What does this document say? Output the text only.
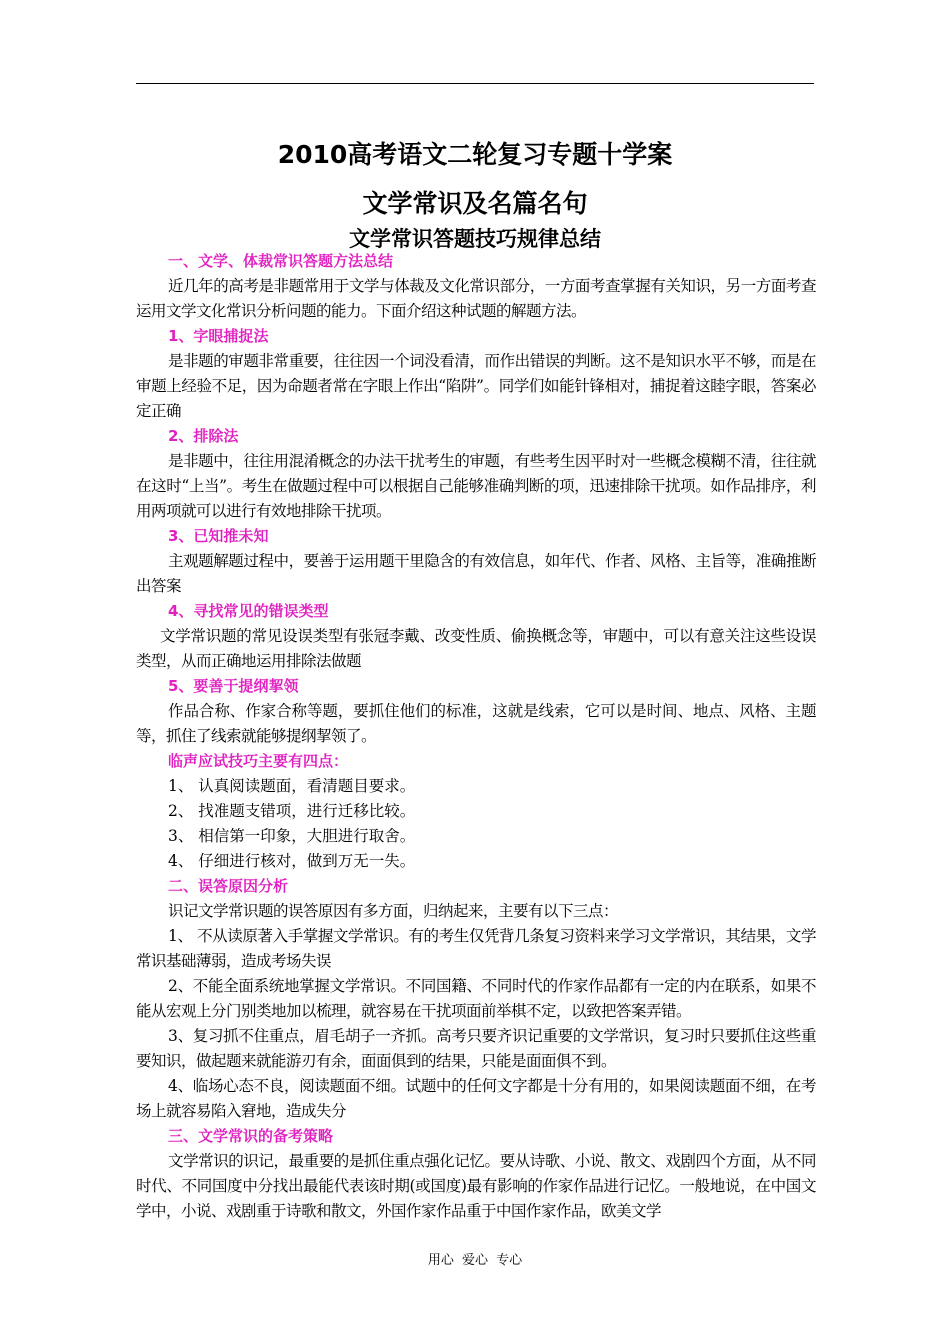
2010高考语文二轮复习专题十学案
文学常识及名篇名句
文学常识答题技巧规律总结

一、文学、体裁常识答题方法总结

近几年的高考是非题常用于文学与体裁及文化常识部分，一方面考查掌握有关知识，另一方面考查运用文学文化常识分析问题的能力。下面介绍这种试题的解题方法。

1、字眼捕捉法

是非题的审题非常重要，往往因一个词没看清，而作出错误的判断。这不是知识水平不够，而是在审题上经验不足，因为命题者常在字眼上作出“陷阱”。同学们如能针锋相对，捕捉着这睦字眼，答案必定正确

2、排除法

是非题中，往往用混淆概念的办法干扰考生的审题，有些考生因平时对一些概念模糊不清，往往就在这时“上当”。考生在做题过程中可以根据自己能够准确判断的项，迅速排除干扰项。如作品排序，利用两项就可以进行有效地排除干扰项。

3、已知推未知

主观题解题过程中，要善于运用题干里隐含的有效信息，如年代、作者、风格、主旨等，准确推断出答案

4、寻找常见的错误类型

文学常识题的常见设误类型有张冠李戴、改变性质、偷换概念等，审题中，可以有意关注这些设误类型，从而正确地运用排除法做题

5、要善于提纲挈领

作品合称、作家合称等题，要抓住他们的标准，这就是线索，它可以是时间、地点、风格、主题等，抓住了线索就能够提纲挈领了。

临声应试技巧主要有四点：

1、 认真阅读题面，看清题目要求。

2、 找准题支错项，进行迁移比较。

3、 相信第一印象，大胆进行取舍。

4、 仔细进行核对，做到万无一失。

二、误答原因分析

识记文学常识题的误答原因有多方面，归纳起来，主要有以下三点：

1、 不从读原著入手掌握文学常识。有的考生仅凭背几条复习资料来学习文学常识，其结果，文学常识基础薄弱，造成考场失误

2、不能全面系统地掌握文学常识。不同国籍、不同时代的作家作品都有一定的内在联系，如果不能从宏观上分门别类地加以梳理，就容易在干扰项面前举棋不定，以致把答案弄错。

3、复习抓不住重点，眉毛胡子一齐抓。高考只要齐识记重要的文学常识，复习时只要抓住这些重要知识，做起题来就能游刃有余，面面俱到的结果，只能是面面俱不到。

4、临场心态不良，阅读题面不细。试题中的任何文字都是十分有用的，如果阅读题面不细，在考场上就容易陷入窘地，造成失分

三、文学常识的备考策略

文学常识的识记，最重要的是抓住重点强化记忆。要从诗歌、小说、散文、戏剧四个方面，从不同时代、不同国度中分找出最能代表该时期(或国度)最有影响的作家作品进行记忆。一般地说，在中国文学中，小说、戏剧重于诗歌和散文，外国作家作品重于中国作家作品，欧美文学

用心 爱心 专心
